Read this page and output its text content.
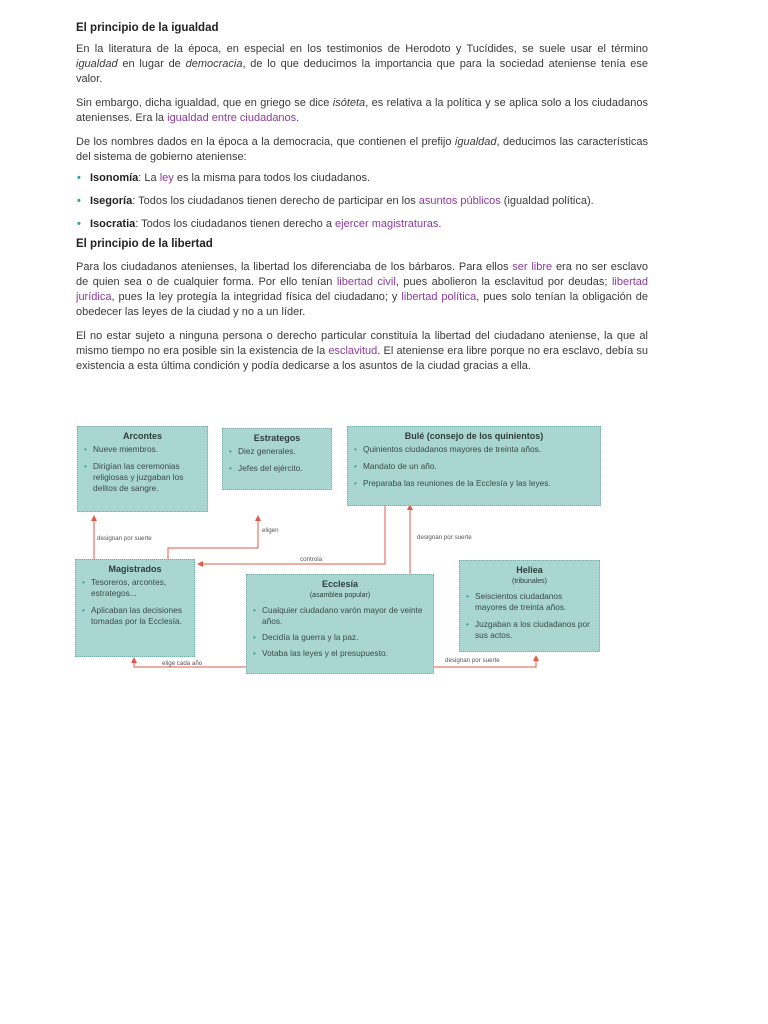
El principio de la igualdad

En la literatura de la época, en especial en los testimonios de Herodoto y Tucídides, se suele usar el término igualdad en lugar de democracia, de lo que deducimos la importancia que para la sociedad ateniense tenía ese valor.

Sin embargo, dicha igualdad, que en griego se dice isóteta, es relativa a la política y se aplica solo a los ciudadanos atenienses. Era la igualdad entre ciudadanos.

De los nombres dados en la época a la democracia, que contienen el prefijo igualdad, deducimos las características del sistema de gobierno ateniense:

• Isonomía: La ley es la misma para todos los ciudadanos.
• Isegoría: Todos los ciudadanos tienen derecho de participar en los asuntos públicos (igualdad política).
• Isocratia: Todos los ciudadanos tienen derecho a ejercer magistraturas.
El principio de la libertad

Para los ciudadanos atenienses, la libertad los diferenciaba de los bárbaros. Para ellos ser libre era no ser esclavo de quien sea o de cualquier forma. Por ello tenían libertad civil, pues abolieron la esclavitud por deudas; libertad jurídica, pues la ley protegía la integridad física del ciudadano; y libertad política, pues solo tenían la obligación de obedecer las leyes de la ciudad y no a un líder.

El no estar sujeto a ninguna persona o derecho particular constituía la libertad del ciudadano ateniense, la que al mismo tiempo no era posible sin la existencia de la esclavitud. El ateniense era libre porque no era esclavo, debía su existencia a esta última condición y podía dedicarse a los asuntos de la ciudad gracias a ella.

Arcontes
• Nueve miembros.
• Dirigían las ceremonias religiosas y juzgaban los delitos de sangre.
Estrategos
• Diez generales.
• Jefes del ejército.
Bulé (consejo de los quinientos)
• Quinientos ciudadanos mayores de treinta años.
• Mandato de un año.
• Preparaba las reuniones de la Ecclesía y las leyes.
Magistrados
• Tesoreros, arcontes, estrategos...
• Aplicaban las decisiones tomadas por la Ecclesía.
Ecclesía
(asamblea popular)
• Cualquier ciudadano varón mayor de veinte años.
• Decidía la guerra y la paz.
• Votaba las leyes y el presupuesto.
Heliea
(tribunales)
• Seiscientos ciudadanos mayores de treinta años.
• Juzgaban a los ciudadanos por sus actos.
designan por suerte
eligen
controla
designan por suerte
elige cada año	designan por suerte
